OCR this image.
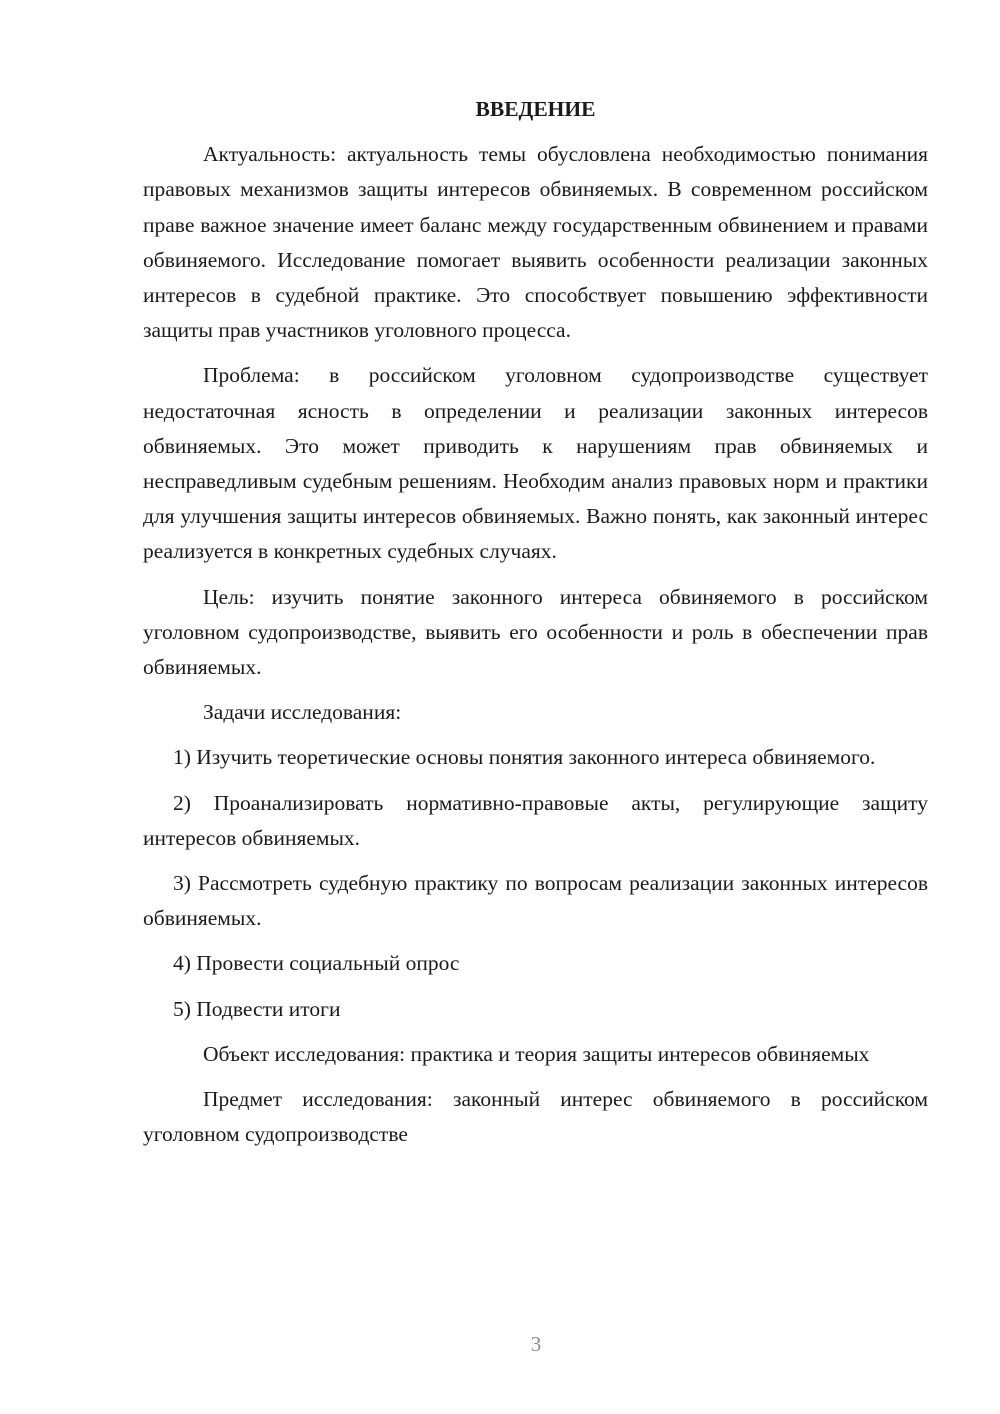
ВВЕДЕНИЕ

Актуальность: актуальность темы обусловлена необходимостью понимания правовых механизмов защиты интересов обвиняемых. В современном российском праве важное значение имеет баланс между государственным обвинением и правами обвиняемого. Исследование помогает выявить особенности реализации законных интересов в судебной практике. Это способствует повышению эффективности защиты прав участников уголовного процесса.

Проблема: в российском уголовном судопроизводстве существует недостаточная ясность в определении и реализации законных интересов обвиняемых. Это может приводить к нарушениям прав обвиняемых и несправедливым судебным решениям. Необходим анализ правовых норм и практики для улучшения защиты интересов обвиняемых. Важно понять, как законный интерес реализуется в конкретных судебных случаях.

Цель: изучить понятие законного интереса обвиняемого в российском уголовном судопроизводстве, выявить его особенности и роль в обеспечении прав обвиняемых.

Задачи исследования:

1) Изучить теоретические основы понятия законного интереса обвиняемого.

2) Проанализировать нормативно-правовые акты, регулирующие защиту интересов обвиняемых.

3) Рассмотреть судебную практику по вопросам реализации законных интересов обвиняемых.

4) Провести социальный опрос

5) Подвести итоги

Объект исследования: практика и теория защиты интересов обвиняемых

Предмет исследования: законный интерес обвиняемого в российском уголовном судопроизводстве

3
